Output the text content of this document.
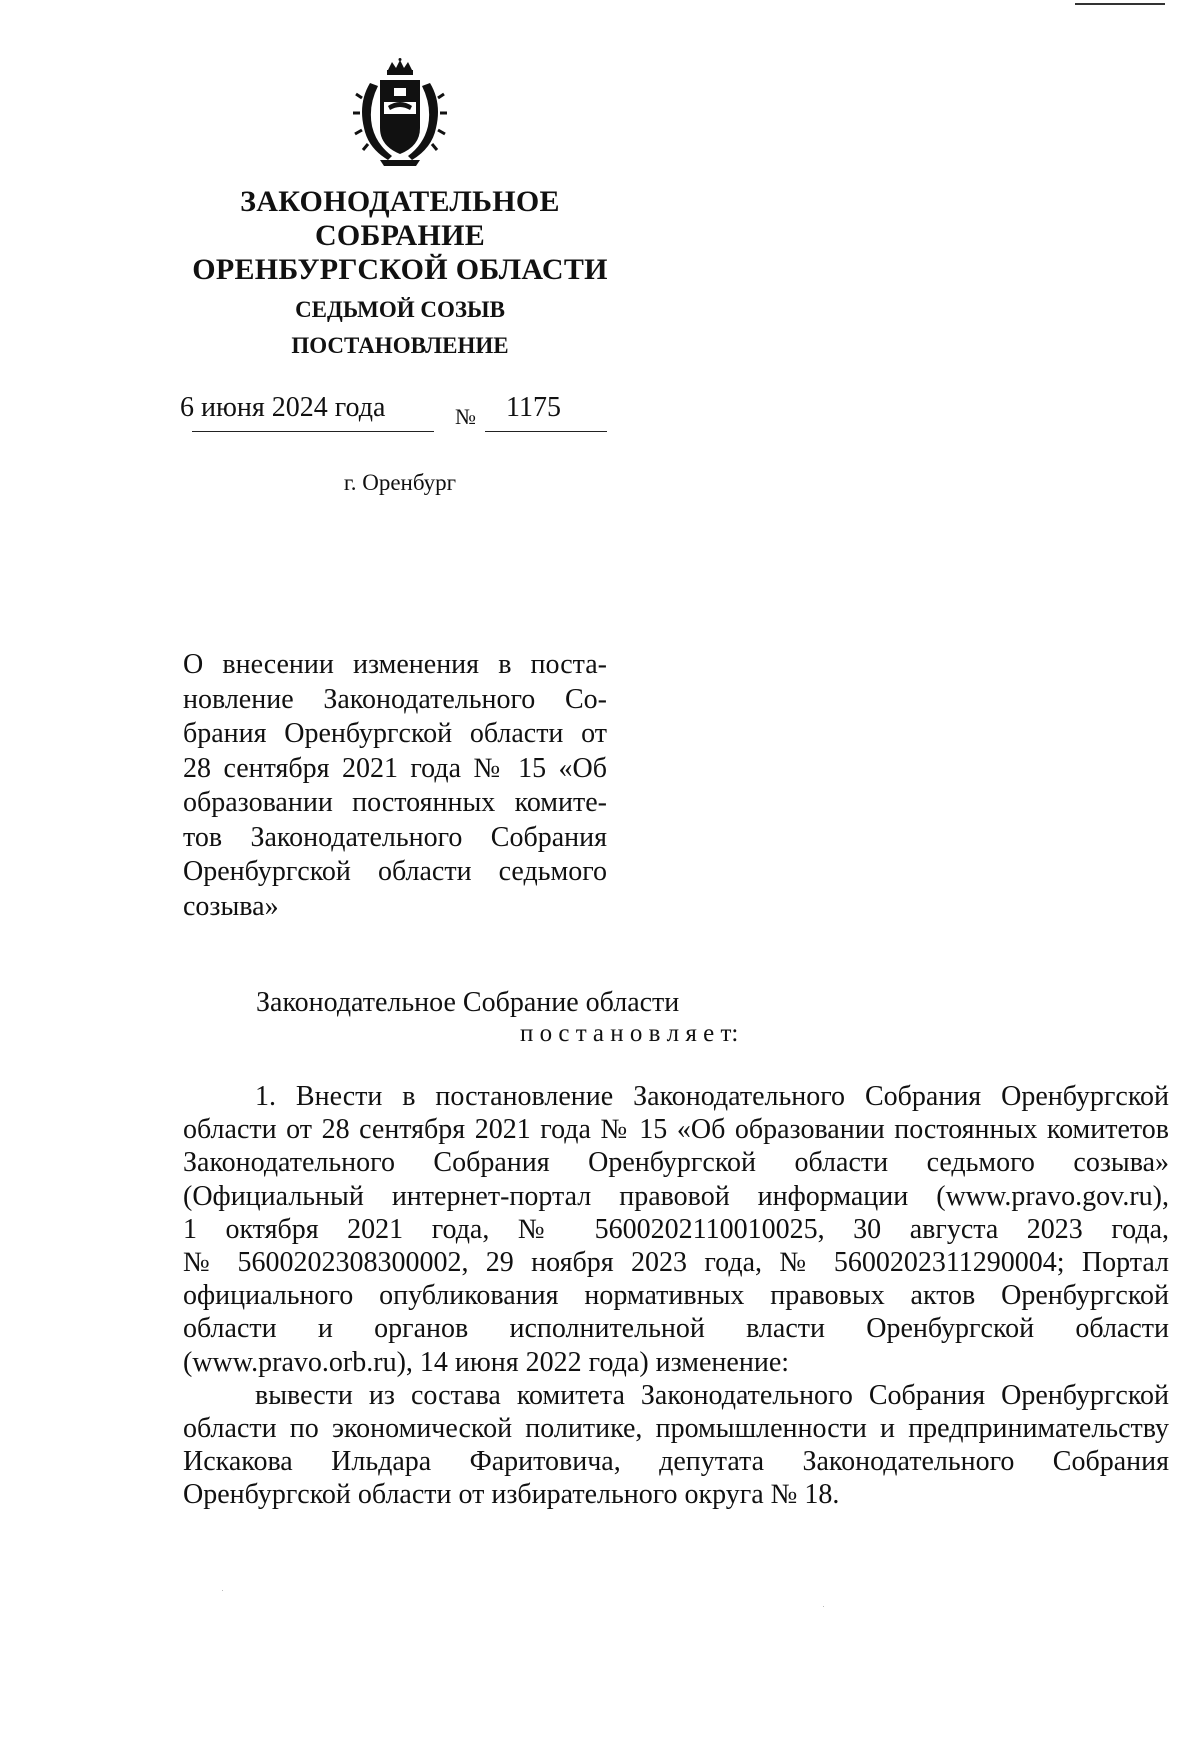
ЗАКОНОДАТЕЛЬНОЕ
СОБРАНИЕ
ОРЕНБУРГСКОЙ ОБЛАСТИ
СЕДЬМОЙ СОЗЫВ
ПОСТАНОВЛЕНИЕ
6 июня 2024 года	№ 1175
г. Оренбург
О внесении изменения в поста-
новление Законодательного Со-
брания Оренбургской области от
28 сентября 2021 года № 15 «Об
образовании постоянных комите-
тов Законодательного Собрания
Оренбургской области седьмого
созыва»
Законодательное Собрание области
п о с т а н о в л я е т:
1. Внести в постановление Законодательного Собрания Оренбургской
области от 28 сентября 2021 года № 15 «Об образовании постоянных комитетов
Законодательного Собрания Оренбургской области седьмого созыва»
(Официальный интернет-портал правовой информации (www.pravo.gov.ru),
1 октября 2021 года, № 5600202110010025, 30 августа 2023 года,
№ 5600202308300002, 29 ноября 2023 года, № 5600202311290004; Портал
официального опубликования нормативных правовых актов Оренбургской
области и органов исполнительной власти Оренбургской области
(www.pravo.orb.ru), 14 июня 2022 года) изменение:
вывести из состава комитета Законодательного Собрания Оренбургской
области по экономической политике, промышленности и предпринимательству
Искакова Ильдара Фаритовича, депутата Законодательного Собрания
Оренбургской области от избирательного округа № 18.
